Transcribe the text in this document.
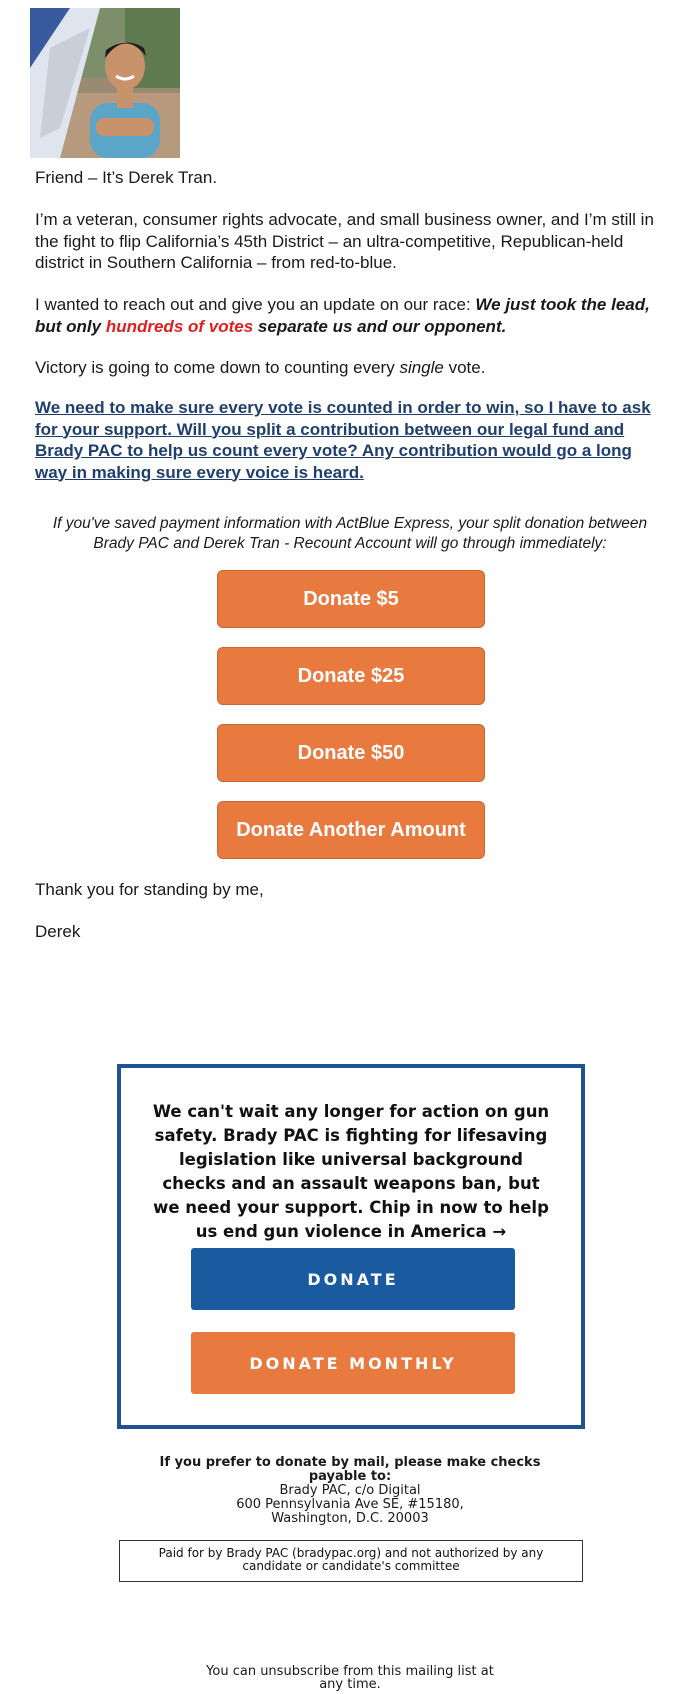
Friend – It’s Derek Tran.

I’m a veteran, consumer rights advocate, and small business owner, and I’m still in the fight to flip California’s 45th District – an ultra-competitive, Republican-held district in Southern California – from red-to-blue.

I wanted to reach out and give you an update on our race: We just took the lead, but only hundreds of votes separate us and our opponent.

Victory is going to come down to counting every single vote.

We need to make sure every vote is counted in order to win, so I have to ask for your support. Will you split a contribution between our legal fund and Brady PAC to help us count every vote? Any contribution would go a long way in making sure every voice is heard.

If you've saved payment information with ActBlue Express, your split donation between Brady PAC and Derek Tran - Recount Account will go through immediately:

Donate $5
Donate $25
Donate $50
Donate Another Amount

Thank you for standing by me,

Derek

We can't wait any longer for action on gun safety. Brady PAC is fighting for lifesaving legislation like universal background checks and an assault weapons ban, but we need your support. Chip in now to help us end gun violence in America →

DONATE
DONATE MONTHLY

If you prefer to donate by mail, please make checks payable to:
Brady PAC, c/o Digital
600 Pennsylvania Ave SE, #15180,
Washington, D.C. 20003

Paid for by Brady PAC (bradypac.org) and not authorized by any candidate or candidate's committee

You can unsubscribe from this mailing list at any time.
